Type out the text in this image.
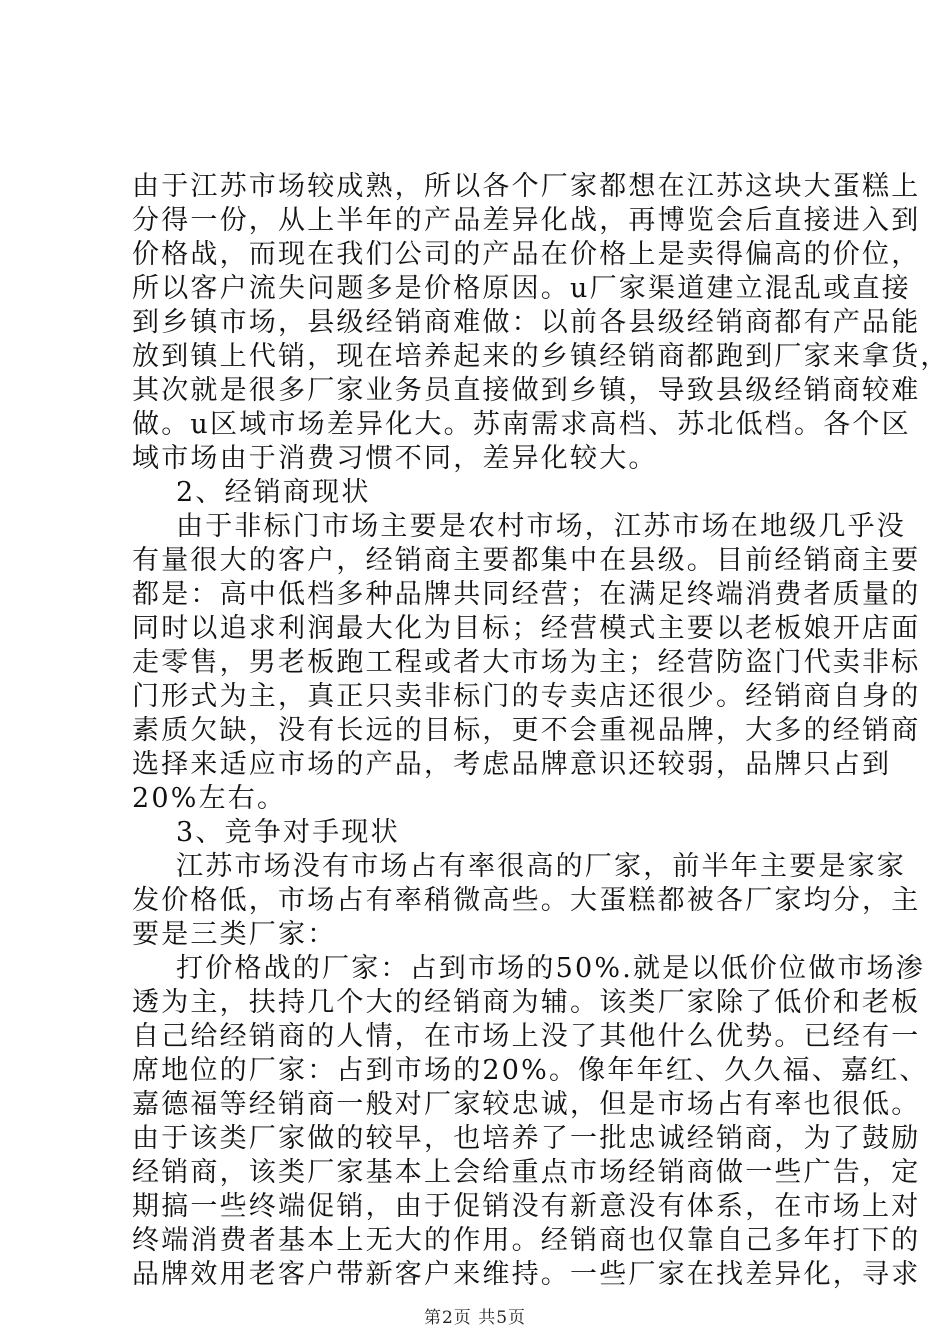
由于江苏市场较成熟，所以各个厂家都想在江苏这块大蛋糕上
分得一份，从上半年的产品差异化战，再博览会后直接进入到
价格战，而现在我们公司的产品在价格上是卖得偏高的价位，
所以客户流失问题多是价格原因。u厂家渠道建立混乱或直接
到乡镇市场，县级经销商难做：以前各县级经销商都有产品能
放到镇上代销，现在培养起来的乡镇经销商都跑到厂家来拿货，
其次就是很多厂家业务员直接做到乡镇，导致县级经销商较难
做。u区域市场差异化大。苏南需求高档、苏北低档。各个区
域市场由于消费习惯不同，差异化较大。
2、经销商现状
由于非标门市场主要是农村市场，江苏市场在地级几乎没
有量很大的客户，经销商主要都集中在县级。目前经销商主要
都是：高中低档多种品牌共同经营；在满足终端消费者质量的
同时以追求利润最大化为目标；经营模式主要以老板娘开店面
走零售，男老板跑工程或者大市场为主；经营防盗门代卖非标
门形式为主，真正只卖非标门的专卖店还很少。经销商自身的
素质欠缺，没有长远的目标，更不会重视品牌，大多的经销商
选择来适应市场的产品，考虑品牌意识还较弱，品牌只占到
20%左右。
3、竞争对手现状
江苏市场没有市场占有率很高的厂家，前半年主要是家家
发价格低，市场占有率稍微高些。大蛋糕都被各厂家均分，主
要是三类厂家：
打价格战的厂家：占到市场的50%.就是以低价位做市场渗
透为主，扶持几个大的经销商为辅。该类厂家除了低价和老板
自己给经销商的人情，在市场上没了其他什么优势。已经有一
席地位的厂家：占到市场的20%。像年年红、久久福、嘉红、
嘉德福等经销商一般对厂家较忠诚，但是市场占有率也很低。
由于该类厂家做的较早，也培养了一批忠诚经销商，为了鼓励
经销商，该类厂家基本上会给重点市场经销商做一些广告，定
期搞一些终端促销，由于促销没有新意没有体系，在市场上对
终端消费者基本上无大的作用。经销商也仅靠自己多年打下的
品牌效用老客户带新客户来维持。一些厂家在找差异化，寻求
第2页 共5页
